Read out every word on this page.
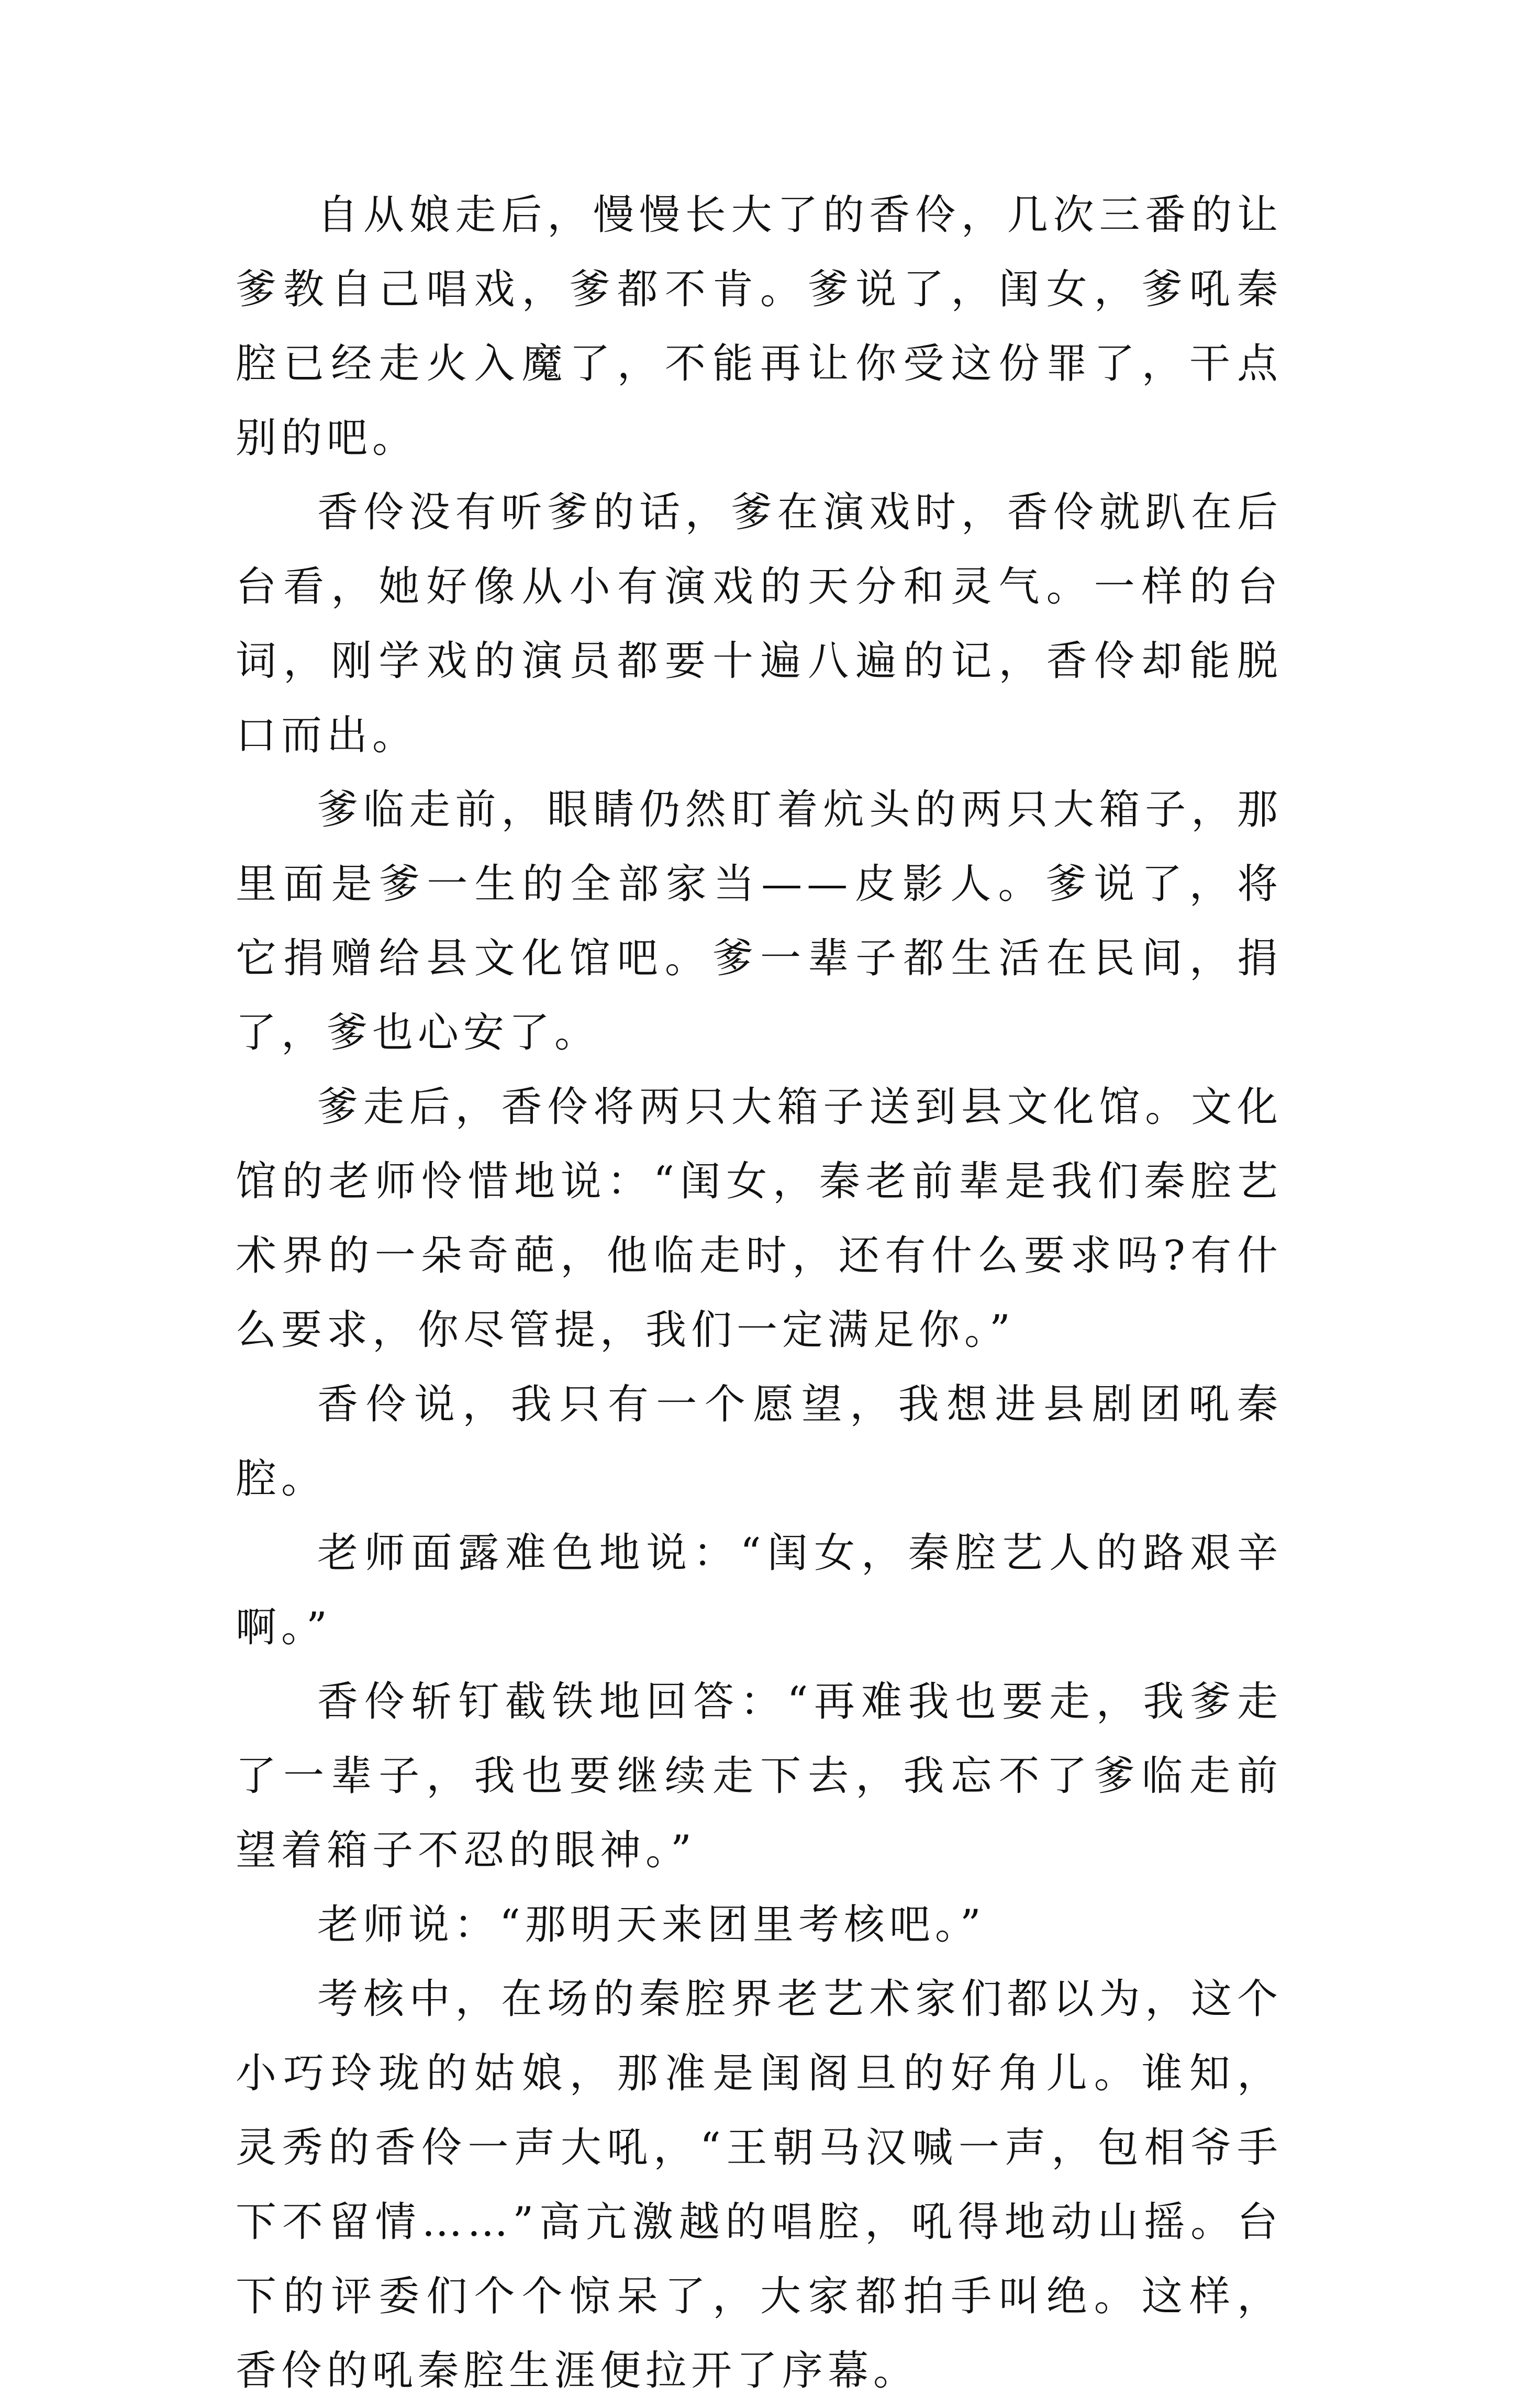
自从娘走后，慢慢长大了的香伶，几次三番的让爹教自己唱戏，爹都不肯。爹说了，闺女，爹吼秦腔已经走火入魔了，不能再让你受这份罪了，干点别的吧。

香伶没有听爹的话，爹在演戏时，香伶就趴在后台看，她好像从小有演戏的天分和灵气。一样的台词，刚学戏的演员都要十遍八遍的记，香伶却能脱口而出。

爹临走前，眼睛仍然盯着炕头的两只大箱子，那里面是爹一生的全部家当——皮影人。爹说了，将它捐赠给县文化馆吧。爹一辈子都生活在民间，捐了，爹也心安了。

爹走后，香伶将两只大箱子送到县文化馆。文化馆的老师怜惜地说：“闺女，秦老前辈是我们秦腔艺术界的一朵奇葩，他临走时，还有什么要求吗?有什么要求，你尽管提，我们一定满足你。”

香伶说，我只有一个愿望，我想进县剧团吼秦腔。

老师面露难色地说：“闺女，秦腔艺人的路艰辛啊。”

香伶斩钉截铁地回答：“再难我也要走，我爹走了一辈子，我也要继续走下去，我忘不了爹临走前望着箱子不忍的眼神。”

老师说：“那明天来团里考核吧。”

考核中，在场的秦腔界老艺术家们都以为，这个小巧玲珑的姑娘，那准是闺阁旦的好角儿。谁知，灵秀的香伶一声大吼，“王朝马汉喊一声，包相爷手下不留情……”高亢激越的唱腔，吼得地动山摇。台下的评委们个个惊呆了，大家都拍手叫绝。这样，香伶的吼秦腔生涯便拉开了序幕。
